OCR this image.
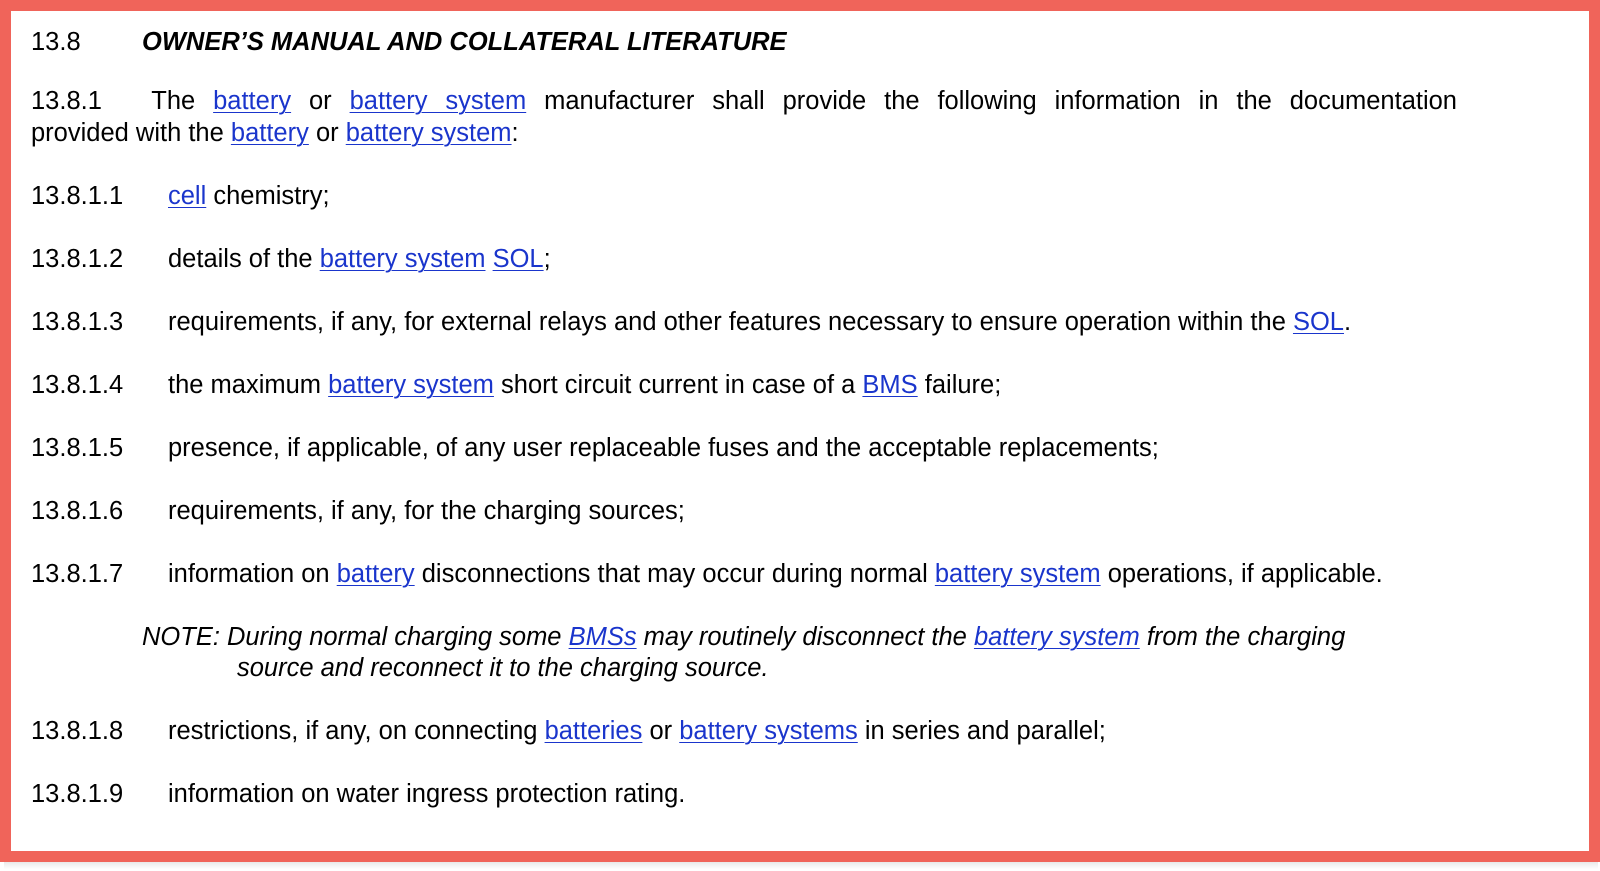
13.8 OWNER’S MANUAL AND COLLATERAL LITERATURE
13.8.1 The battery or battery system manufacturer shall provide the following information in the documentation
provided with the battery or battery system:
13.8.1.1 cell chemistry;
13.8.1.2 details of the battery system SOL;
13.8.1.3 requirements, if any, for external relays and other features necessary to ensure operation within the SOL.
13.8.1.4 the maximum battery system short circuit current in case of a BMS failure;
13.8.1.5 presence, if applicable, of any user replaceable fuses and the acceptable replacements;
13.8.1.6 requirements, if any, for the charging sources;
13.8.1.7 information on battery disconnections that may occur during normal battery system operations, if applicable.
NOTE: During normal charging some BMSs may routinely disconnect the battery system from the charging
source and reconnect it to the charging source.
13.8.1.8 restrictions, if any, on connecting batteries or battery systems in series and parallel;
13.8.1.9 information on water ingress protection rating.
